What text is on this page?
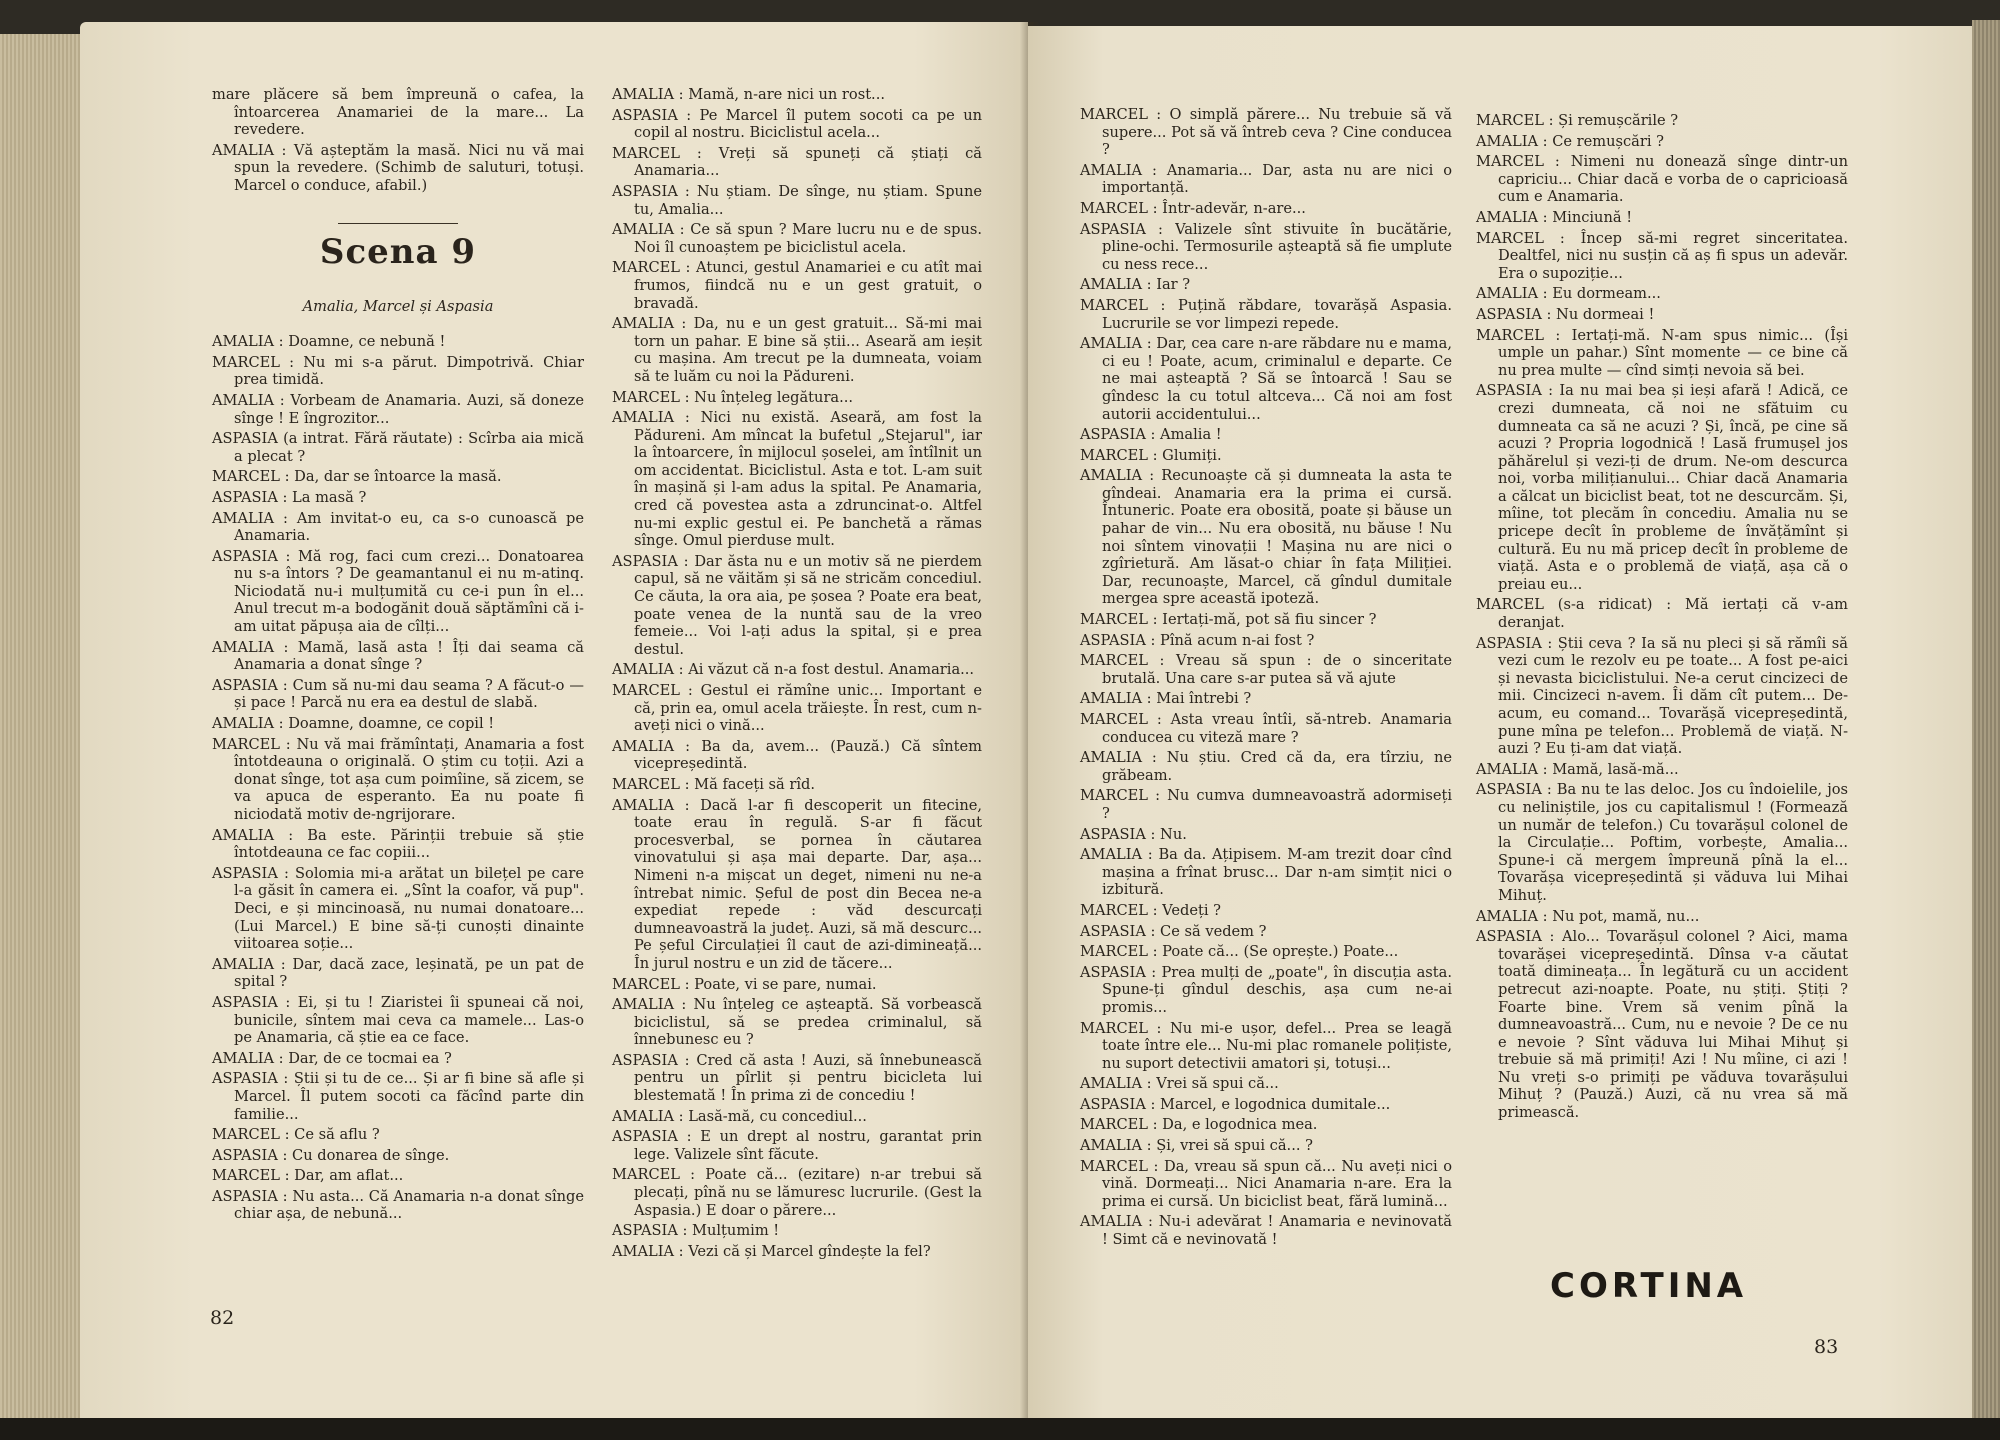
mare plăcere să bem împreună o cafea, la întoarcerea Anamariei de la mare... La revedere.

AMALIA : Vă așteptăm la masă. Nici nu vă mai spun la revedere. (Schimb de saluturi, totuși. Marcel o conduce, afabil.)

Scena 9
Amalia, Marcel și Aspasia

AMALIA : Doamne, ce nebună !

MARCEL : Nu mi s-a părut. Dimpotrivă. Chiar prea timidă.

AMALIA : Vorbeam de Anamaria. Auzi, să doneze sînge ! E îngrozitor...

ASPASIA (a intrat. Fără răutate) : Scîrba aia mică a plecat ?

MARCEL : Da, dar se întoarce la masă.

ASPASIA : La masă ?

AMALIA : Am invitat-o eu, ca s-o cunoască pe Anamaria.

ASPASIA : Mă rog, faci cum crezi... Donatoarea nu s-a întors ? De geamantanul ei nu m-atinq. Niciodată nu-i mulțumită cu ce-i pun în el... Anul trecut m-a bodogănit două săptămîni că i-am uitat păpușa aia de cîlți...

AMALIA : Mamă, lasă asta ! Îți dai seama că Anamaria a donat sînge ?

ASPASIA : Cum să nu-mi dau seama ? A făcut-o — și pace ! Parcă nu era ea destul de slabă.

AMALIA : Doamne, doamne, ce copil !

MARCEL : Nu vă mai frămîntați, Anamaria a fost întotdeauna o originală. O știm cu toții. Azi a donat sînge, tot așa cum poimîine, să zicem, se va apuca de esperanto. Ea nu poate fi niciodată motiv de-ngrijorare.

AMALIA : Ba este. Părinții trebuie să știe întotdeauna ce fac copiii...

ASPASIA : Solomia mi-a arătat un bilețel pe care l-a găsit în camera ei. „Sînt la coafor, vă pup". Deci, e și mincinoasă, nu numai donatoare... (Lui Marcel.) E bine să-ți cunoști dinainte viitoarea soție...

AMALIA : Dar, dacă zace, leșinată, pe un pat de spital ?

ASPASIA : Ei, și tu ! Ziaristei îi spuneai că noi, bunicile, sîntem mai ceva ca mamele... Las-o pe Anamaria, că știe ea ce face.

AMALIA : Dar, de ce tocmai ea ?

ASPASIA : Știi și tu de ce... Și ar fi bine să afle și Marcel. Îl putem socoti ca făcînd parte din familie...

MARCEL : Ce să aflu ?

ASPASIA : Cu donarea de sînge.

MARCEL : Dar, am aflat...

ASPASIA : Nu asta... Că Anamaria n-a donat sînge chiar așa, de nebună...

AMALIA : Mamă, n-are nici un rost...

ASPASIA : Pe Marcel îl putem socoti ca pe un copil al nostru. Biciclistul acela...

MARCEL : Vreți să spuneți că știați că Anamaria...

ASPASIA : Nu știam. De sînge, nu știam. Spune tu, Amalia...

AMALIA : Ce să spun ? Mare lucru nu e de spus. Noi îl cunoaștem pe biciclistul acela.

MARCEL : Atunci, gestul Anamariei e cu atît mai frumos, fiindcă nu e un gest gratuit, o bravadă.

AMALIA : Da, nu e un gest gratuit... Să-mi mai torn un pahar. E bine să știi... Aseară am ieșit cu mașina. Am trecut pe la dumneata, voiam să te luăm cu noi la Pădureni.

MARCEL : Nu înțeleg legătura...

AMALIA : Nici nu există. Aseară, am fost la Pădureni. Am mîncat la bufetul „Stejarul", iar la întoarcere, în mijlocul șoselei, am întîlnit un om accidentat. Biciclistul. Asta e tot. L-am suit în mașină și l-am adus la spital. Pe Anamaria, cred că povestea asta a zdruncinat-o. Altfel nu-mi explic gestul ei. Pe banchetă a rămas sînge. Omul pierduse mult.

ASPASIA : Dar ăsta nu e un motiv să ne pierdem capul, să ne văităm și să ne stricăm concediul. Ce căuta, la ora aia, pe șosea ? Poate era beat, poate venea de la nuntă sau de la vreo femeie... Voi l-ați adus la spital, și e prea destul.

AMALIA : Ai văzut că n-a fost destul. Anamaria...

MARCEL : Gestul ei rămîne unic... Important e că, prin ea, omul acela trăiește. În rest, cum n-aveți nici o vină...

AMALIA : Ba da, avem... (Pauză.) Că sîntem vicepreședintă.

MARCEL : Mă faceți să rîd.

AMALIA : Dacă l-ar fi descoperit un fitecine, toate erau în regulă. S-ar fi făcut procesverbal, se pornea în căutarea vinovatului și așa mai departe. Dar, așa... Nimeni n-a mișcat un deget, nimeni nu ne-a întrebat nimic. Șeful de post din Becea ne-a expediat repede : văd descurcați dumneavoastră la județ. Auzi, să mă descurc... Pe șeful Circulației îl caut de azi-dimineață... În jurul nostru e un zid de tăcere...

MARCEL : Poate, vi se pare, numai.

AMALIA : Nu înțeleg ce așteaptă. Să vorbească biciclistul, să se predea criminalul, să înnebunesc eu ?

ASPASIA : Cred că asta ! Auzi, să înnebunească pentru un pîrlit și pentru bicicleta lui blestemată ! În prima zi de concediu !

AMALIA : Lasă-mă, cu concediul...

ASPASIA : E un drept al nostru, garantat prin lege. Valizele sînt făcute.

MARCEL : Poate că... (ezitare) n-ar trebui să plecați, pînă nu se lămuresc lucrurile. (Gest la Aspasia.) E doar o părere...

ASPASIA : Mulțumim !

AMALIA : Vezi că și Marcel gîndește la fel?

82

MARCEL : O simplă părere... Nu trebuie să vă supere... Pot să vă întreb ceva ? Cine conducea ?

AMALIA : Anamaria... Dar, asta nu are nici o importanță.

MARCEL : Într-adevăr, n-are...

ASPASIA : Valizele sînt stivuite în bucătărie, pline-ochi. Termosurile așteaptă să fie umplute cu ness rece...

AMALIA : Iar ?

MARCEL : Puțină răbdare, tovarășă Aspasia. Lucrurile se vor limpezi repede.

AMALIA : Dar, cea care n-are răbdare nu e mama, ci eu ! Poate, acum, criminalul e departe. Ce ne mai așteaptă ? Să se întoarcă ! Sau se gîndesc la cu totul altceva... Că noi am fost autorii accidentului...

ASPASIA : Amalia !

MARCEL : Glumiți.

AMALIA : Recunoaște că și dumneata la asta te gîndeai. Anamaria era la prima ei cursă. Întuneric. Poate era obosită, poate și băuse un pahar de vin... Nu era obosită, nu băuse ! Nu noi sîntem vinovații ! Mașina nu are nici o zgîrietură. Am lăsat-o chiar în fața Miliției. Dar, recunoaște, Marcel, că gîndul dumitale mergea spre această ipoteză.

MARCEL : Iertați-mă, pot să fiu sincer ?

ASPASIA : Pînă acum n-ai fost ?

MARCEL : Vreau să spun : de o sinceritate brutală. Una care s-ar putea să vă ajute

AMALIA : Mai întrebi ?

MARCEL : Asta vreau întîi, să-ntreb. Anamaria conducea cu viteză mare ?

AMALIA : Nu știu. Cred că da, era tîrziu, ne grăbeam.

MARCEL : Nu cumva dumneavoastră adormiseți ?

ASPASIA : Nu.

AMALIA : Ba da. Ațipisem. M-am trezit doar cînd mașina a frînat brusc... Dar n-am simțit nici o izbitură.

MARCEL : Vedeți ?

ASPASIA : Ce să vedem ?

MARCEL : Poate că... (Se oprește.) Poate...

ASPASIA : Prea mulți de „poate", în discuția asta. Spune-ți gîndul deschis, așa cum ne-ai promis...

MARCEL : Nu mi-e ușor, defel... Prea se leagă toate între ele... Nu-mi plac romanele polițiste, nu suport detectivii amatori și, totuși...

AMALIA : Vrei să spui că...

ASPASIA : Marcel, e logodnica dumitale...

MARCEL : Da, e logodnica mea.

AMALIA : Și, vrei să spui că... ?

MARCEL : Da, vreau să spun că... Nu aveți nici o vină. Dormeați... Nici Anamaria n-are. Era la prima ei cursă. Un biciclist beat, fără lumină...

AMALIA : Nu-i adevărat ! Anamaria e nevinovată ! Simt că e nevinovată !

MARCEL : Și remușcările ?

AMALIA : Ce remușcări ?

MARCEL : Nimeni nu donează sînge dintr-un capriciu... Chiar dacă e vorba de o capricioasă cum e Anamaria.

AMALIA : Minciună !

MARCEL : Încep să-mi regret sinceritatea. Dealtfel, nici nu susțin că aș fi spus un adevăr. Era o supoziție...

AMALIA : Eu dormeam...

ASPASIA : Nu dormeai !

MARCEL : Iertați-mă. N-am spus nimic... (Își umple un pahar.) Sînt momente — ce bine că nu prea multe — cînd simți nevoia să bei.

ASPASIA : Ia nu mai bea și ieși afară ! Adică, ce crezi dumneata, că noi ne sfătuim cu dumneata ca să ne acuzi ? Și, încă, pe cine să acuzi ? Propria logodnică ! Lasă frumușel jos păhărelul și vezi-ți de drum. Ne-om descurca noi, vorba milițianului... Chiar dacă Anamaria a călcat un biciclist beat, tot ne descurcăm. Și, mîine, tot plecăm în concediu. Amalia nu se pricepe decît în probleme de învățămînt și cultură. Eu nu mă pricep decît în probleme de viață. Asta e o problemă de viață, așa că o preiau eu...

MARCEL (s-a ridicat) : Mă iertați că v-am deranjat.

ASPASIA : Știi ceva ? Ia să nu pleci și să rămîi să vezi cum le rezolv eu pe toate... A fost pe-aici și nevasta biciclistului. Ne-a cerut cincizeci de mii. Cincizeci n-avem. Îi dăm cît putem... De-acum, eu comand... Tovarășă vicepreședintă, pune mîna pe telefon... Problemă de viață. N-auzi ? Eu ți-am dat viață.

AMALIA : Mamă, lasă-mă...

ASPASIA : Ba nu te las deloc. Jos cu îndoielile, jos cu neliniștile, jos cu capitalismul ! (Formează un număr de telefon.) Cu tovarășul colonel de la Circulație... Poftim, vorbește, Amalia... Spune-i că mergem împreună pînă la el... Tovarășa vicepreședintă și văduva lui Mihai Mihuț.

AMALIA : Nu pot, mamă, nu...

ASPASIA : Alo... Tovarășul colonel ? Aici, mama tovarășei vicepreședintă. Dînsa v-a căutat toată dimineața... În legătură cu un accident petrecut azi-noapte. Poate, nu știți. Știți ? Foarte bine. Vrem să venim pînă la dumneavoastră... Cum, nu e nevoie ? De ce nu e nevoie ? Sînt văduva lui Mihai Mihuț și trebuie să mă primiți! Azi ! Nu mîine, ci azi ! Nu vreți s-o primiți pe văduva tovarășului Mihuț ? (Pauză.) Auzi, că nu vrea să mă primească.

CORTINA
83
